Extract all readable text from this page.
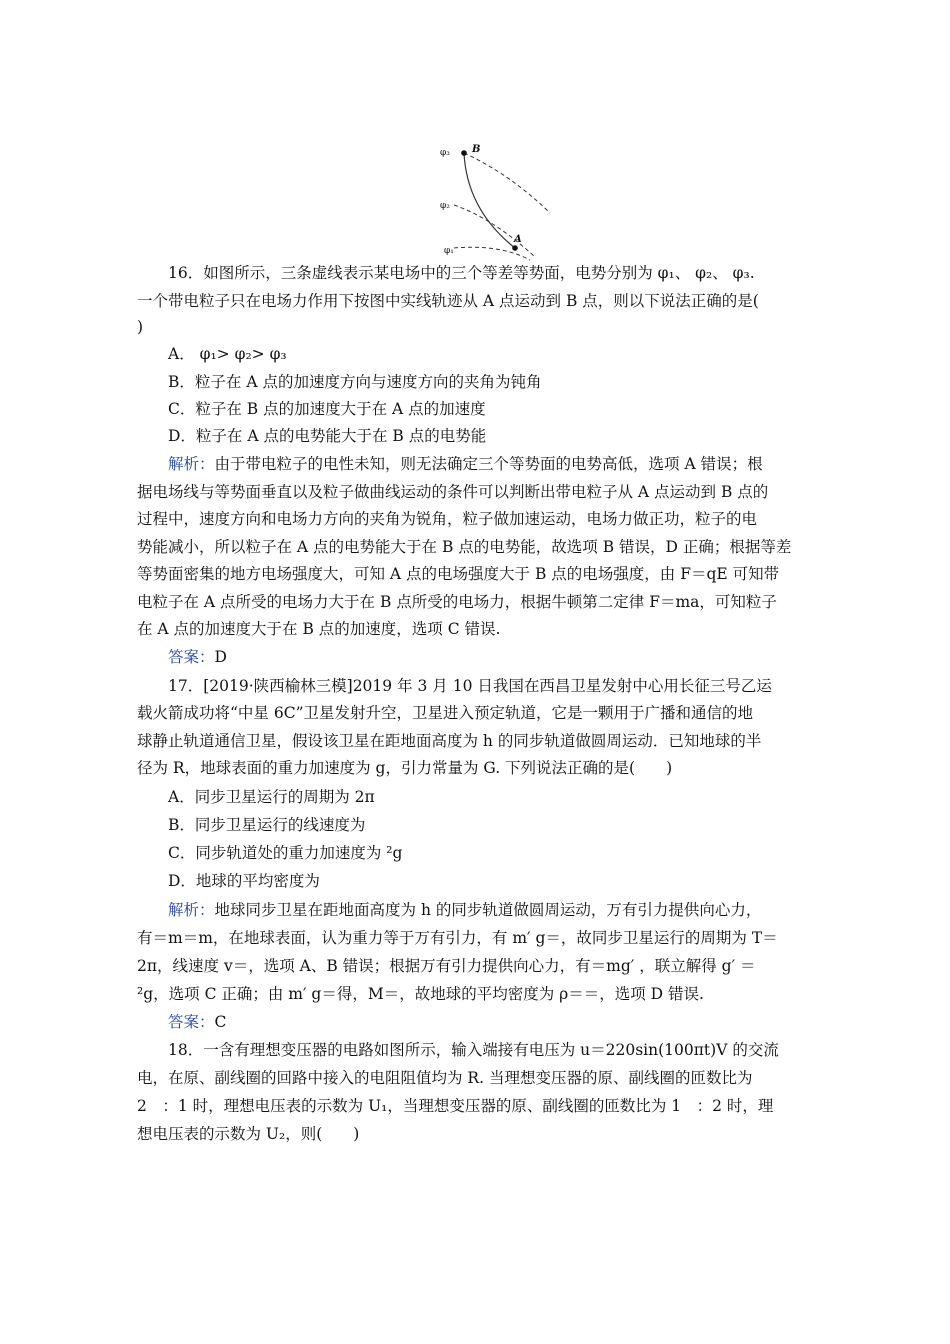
φ₃ B
φ₂
φ₁
A
16．如图所示，三条虚线表示某电场中的三个等差等势面，电势分别为 φ₁、 φ₂、 φ₃.
一个带电粒子只在电场力作用下按图中实线轨迹从 A 点运动到 B 点，则以下说法正确的是(
)
A． φ₁> φ₂> φ₃
B．粒子在 A 点的加速度方向与速度方向的夹角为钝角
C．粒子在 B 点的加速度大于在 A 点的加速度
D．粒子在 A 点的电势能大于在 B 点的电势能
解析：由于带电粒子的电性未知，则无法确定三个等势面的电势高低，选项 A 错误；根
据电场线与等势面垂直以及粒子做曲线运动的条件可以判断出带电粒子从 A 点运动到 B 点的
过程中，速度方向和电场力方向的夹角为锐角，粒子做加速运动，电场力做正功，粒子的电
势能减小，所以粒子在 A 点的电势能大于在 B 点的电势能，故选项 B 错误，D 正确；根据等差
等势面密集的地方电场强度大，可知 A 点的电场强度大于 B 点的电场强度，由 F＝qE 可知带
电粒子在 A 点所受的电场力大于在 B 点所受的电场力，根据牛顿第二定律 F＝ma，可知粒子
在 A 点的加速度大于在 B 点的加速度，选项 C 错误.
答案：D
17．[2019·陕西榆林三模]2019 年 3 月 10 日我国在西昌卫星发射中心用长征三号乙运
载火箭成功将“中星 6C”卫星发射升空，卫星进入预定轨道，它是一颗用于广播和通信的地
球静止轨道通信卫星，假设该卫星在距地面高度为 h 的同步轨道做圆周运动．已知地球的半
径为 R，地球表面的重力加速度为 g，引力常量为 G. 下列说法正确的是(　　)
A．同步卫星运行的周期为 2π
B．同步卫星运行的线速度为
C．同步轨道处的重力加速度为 ²g
D．地球的平均密度为
解析：地球同步卫星在距地面高度为 h 的同步轨道做圆周运动，万有引力提供向心力，
有＝m＝m，在地球表面，认为重力等于万有引力，有 m′ g＝，故同步卫星运行的周期为 T＝
2π，线速度 v＝，选项 A、B 错误；根据万有引力提供向心力，有＝mg′ ，联立解得 g′ ＝
²g，选项 C 正确；由 m′ g＝得，M＝，故地球的平均密度为 ρ＝＝，选项 D 错误.
答案：C
18．一含有理想变压器的电路如图所示，输入端接有电压为 u＝220sin(100πt)V 的交流
电，在原、副线圈的回路中接入的电阻阻值均为 R. 当理想变压器的原、副线圈的匝数比为
2　：1 时，理想电压表的示数为 U₁，当理想变压器的原、副线圈的匝数比为 1　：2 时，理
想电压表的示数为 U₂，则(　　)
